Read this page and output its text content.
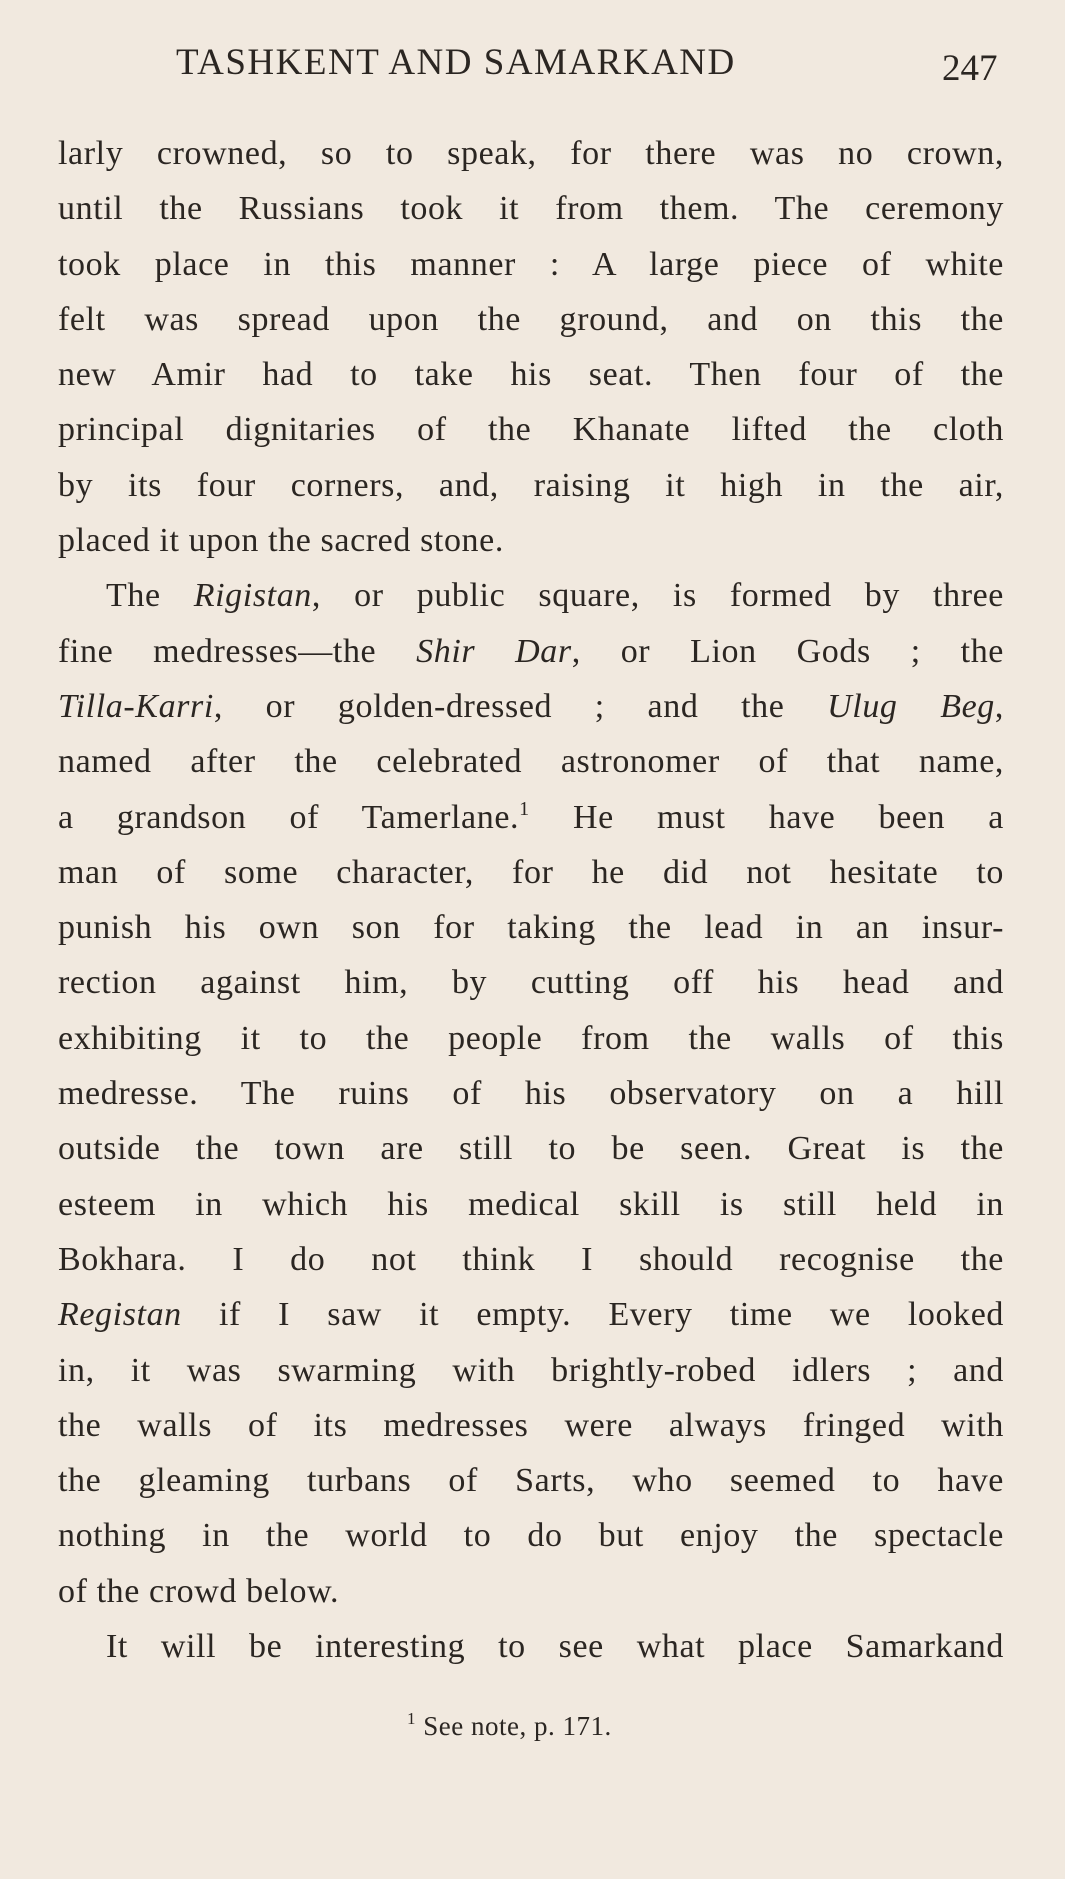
TASHKENT AND SAMARKAND	247
larly crowned, so to speak, for there was no crown,
until the Russians took it from them. The ceremony
took place in this manner : A large piece of white
felt was spread upon the ground, and on this the
new Amir had to take his seat. Then four of the
principal dignitaries of the Khanate lifted the cloth
by its four corners, and, raising it high in the air,
placed it upon the sacred stone.
The Rigistan, or public square, is formed by three
fine medresses—the Shir Dar, or Lion Gods ; the
Tilla-Karri, or golden-dressed ; and the Ulug Beg,
named after the celebrated astronomer of that name,
a grandson of Tamerlane.$^1$ He must have been a
man of some character, for he did not hesitate to
punish his own son for taking the lead in an insur-
rection against him, by cutting off his head and
exhibiting it to the people from the walls of this
medresse. The ruins of his observatory on a hill
outside the town are still to be seen. Great is the
esteem in which his medical skill is still held in
Bokhara. I do not think I should recognise the
Registan if I saw it empty. Every time we looked
in, it was swarming with brightly-robed idlers ; and
the walls of its medresses were always fringed with
the gleaming turbans of Sarts, who seemed to have
nothing in the world to do but enjoy the spectacle
of the crowd below.
It will be interesting to see what place Samarkand
$^1$ See note, p. 171.
